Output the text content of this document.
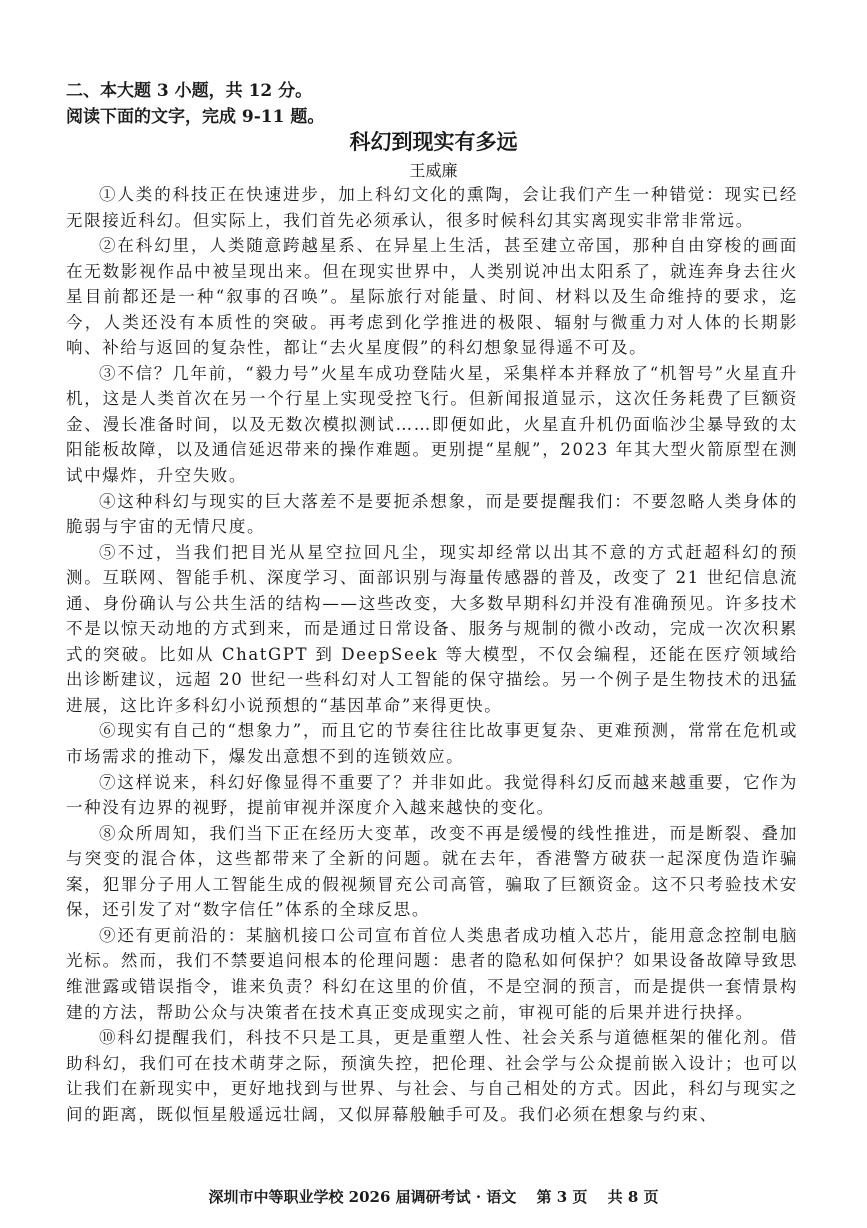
二、本大题 3 小题，共 12 分。
阅读下面的文字，完成 9-11 题。
科幻到现实有多远
王威廉

①人类的科技正在快速进步，加上科幻文化的熏陶，会让我们产生一种错觉：现实已经无限接近科幻。但实际上，我们首先必须承认，很多时候科幻其实离现实非常非常远。

②在科幻里，人类随意跨越星系、在异星上生活，甚至建立帝国，那种自由穿梭的画面在无数影视作品中被呈现出来。但在现实世界中，人类别说冲出太阳系了，就连奔身去往火星目前都还是一种“叙事的召唤”。星际旅行对能量、时间、材料以及生命维持的要求，迄今，人类还没有本质性的突破。再考虑到化学推进的极限、辐射与微重力对人体的长期影响、补给与返回的复杂性，都让“去火星度假”的科幻想象显得遥不可及。

③不信？几年前，“毅力号”火星车成功登陆火星，采集样本并释放了“机智号”火星直升机，这是人类首次在另一个行星上实现受控飞行。但新闻报道显示，这次任务耗费了巨额资金、漫长准备时间，以及无数次模拟测试……即便如此，火星直升机仍面临沙尘暴导致的太阳能板故障，以及通信延迟带来的操作难题。更别提“星舰”，2023 年其大型火箭原型在测试中爆炸，升空失败。

④这种科幻与现实的巨大落差不是要扼杀想象，而是要提醒我们：不要忽略人类身体的脆弱与宇宙的无情尺度。

⑤不过，当我们把目光从星空拉回凡尘，现实却经常以出其不意的方式赶超科幻的预测。互联网、智能手机、深度学习、面部识别与海量传感器的普及，改变了 21 世纪信息流通、身份确认与公共生活的结构——这些改变，大多数早期科幻并没有准确预见。许多技术不是以惊天动地的方式到来，而是通过日常设备、服务与规制的微小改动，完成一次次积累式的突破。比如从 ChatGPT 到 DeepSeek 等大模型，不仅会编程，还能在医疗领域给出诊断建议，远超 20 世纪一些科幻对人工智能的保守描绘。另一个例子是生物技术的迅猛进展，这比许多科幻小说预想的“基因革命”来得更快。

⑥现实有自己的“想象力”，而且它的节奏往往比故事更复杂、更难预测，常常在危机或市场需求的推动下，爆发出意想不到的连锁效应。

⑦这样说来，科幻好像显得不重要了？并非如此。我觉得科幻反而越来越重要，它作为一种没有边界的视野，提前审视并深度介入越来越快的变化。

⑧众所周知，我们当下正在经历大变革，改变不再是缓慢的线性推进，而是断裂、叠加与突变的混合体，这些都带来了全新的问题。就在去年，香港警方破获一起深度伪造诈骗案，犯罪分子用人工智能生成的假视频冒充公司高管，骗取了巨额资金。这不只考验技术安保，还引发了对“数字信任”体系的全球反思。

⑨还有更前沿的：某脑机接口公司宣布首位人类患者成功植入芯片，能用意念控制电脑光标。然而，我们不禁要追问根本的伦理问题：患者的隐私如何保护？如果设备故障导致思维泄露或错误指令，谁来负责？科幻在这里的价值，不是空洞的预言，而是提供一套情景构建的方法，帮助公众与决策者在技术真正变成现实之前，审视可能的后果并进行抉择。

⑩科幻提醒我们，科技不只是工具，更是重塑人性、社会关系与道德框架的催化剂。借助科幻，我们可在技术萌芽之际，预演失控，把伦理、社会学与公众提前嵌入设计；也可以让我们在新现实中，更好地找到与世界、与社会、与自己相处的方式。因此，科幻与现实之间的距离，既似恒星般遥远壮阔，又似屏幕般触手可及。我们必须在想象与约束、

深圳市中等职业学校 2026 届调研考试 · 语文　 第 3 页　 共 8 页
